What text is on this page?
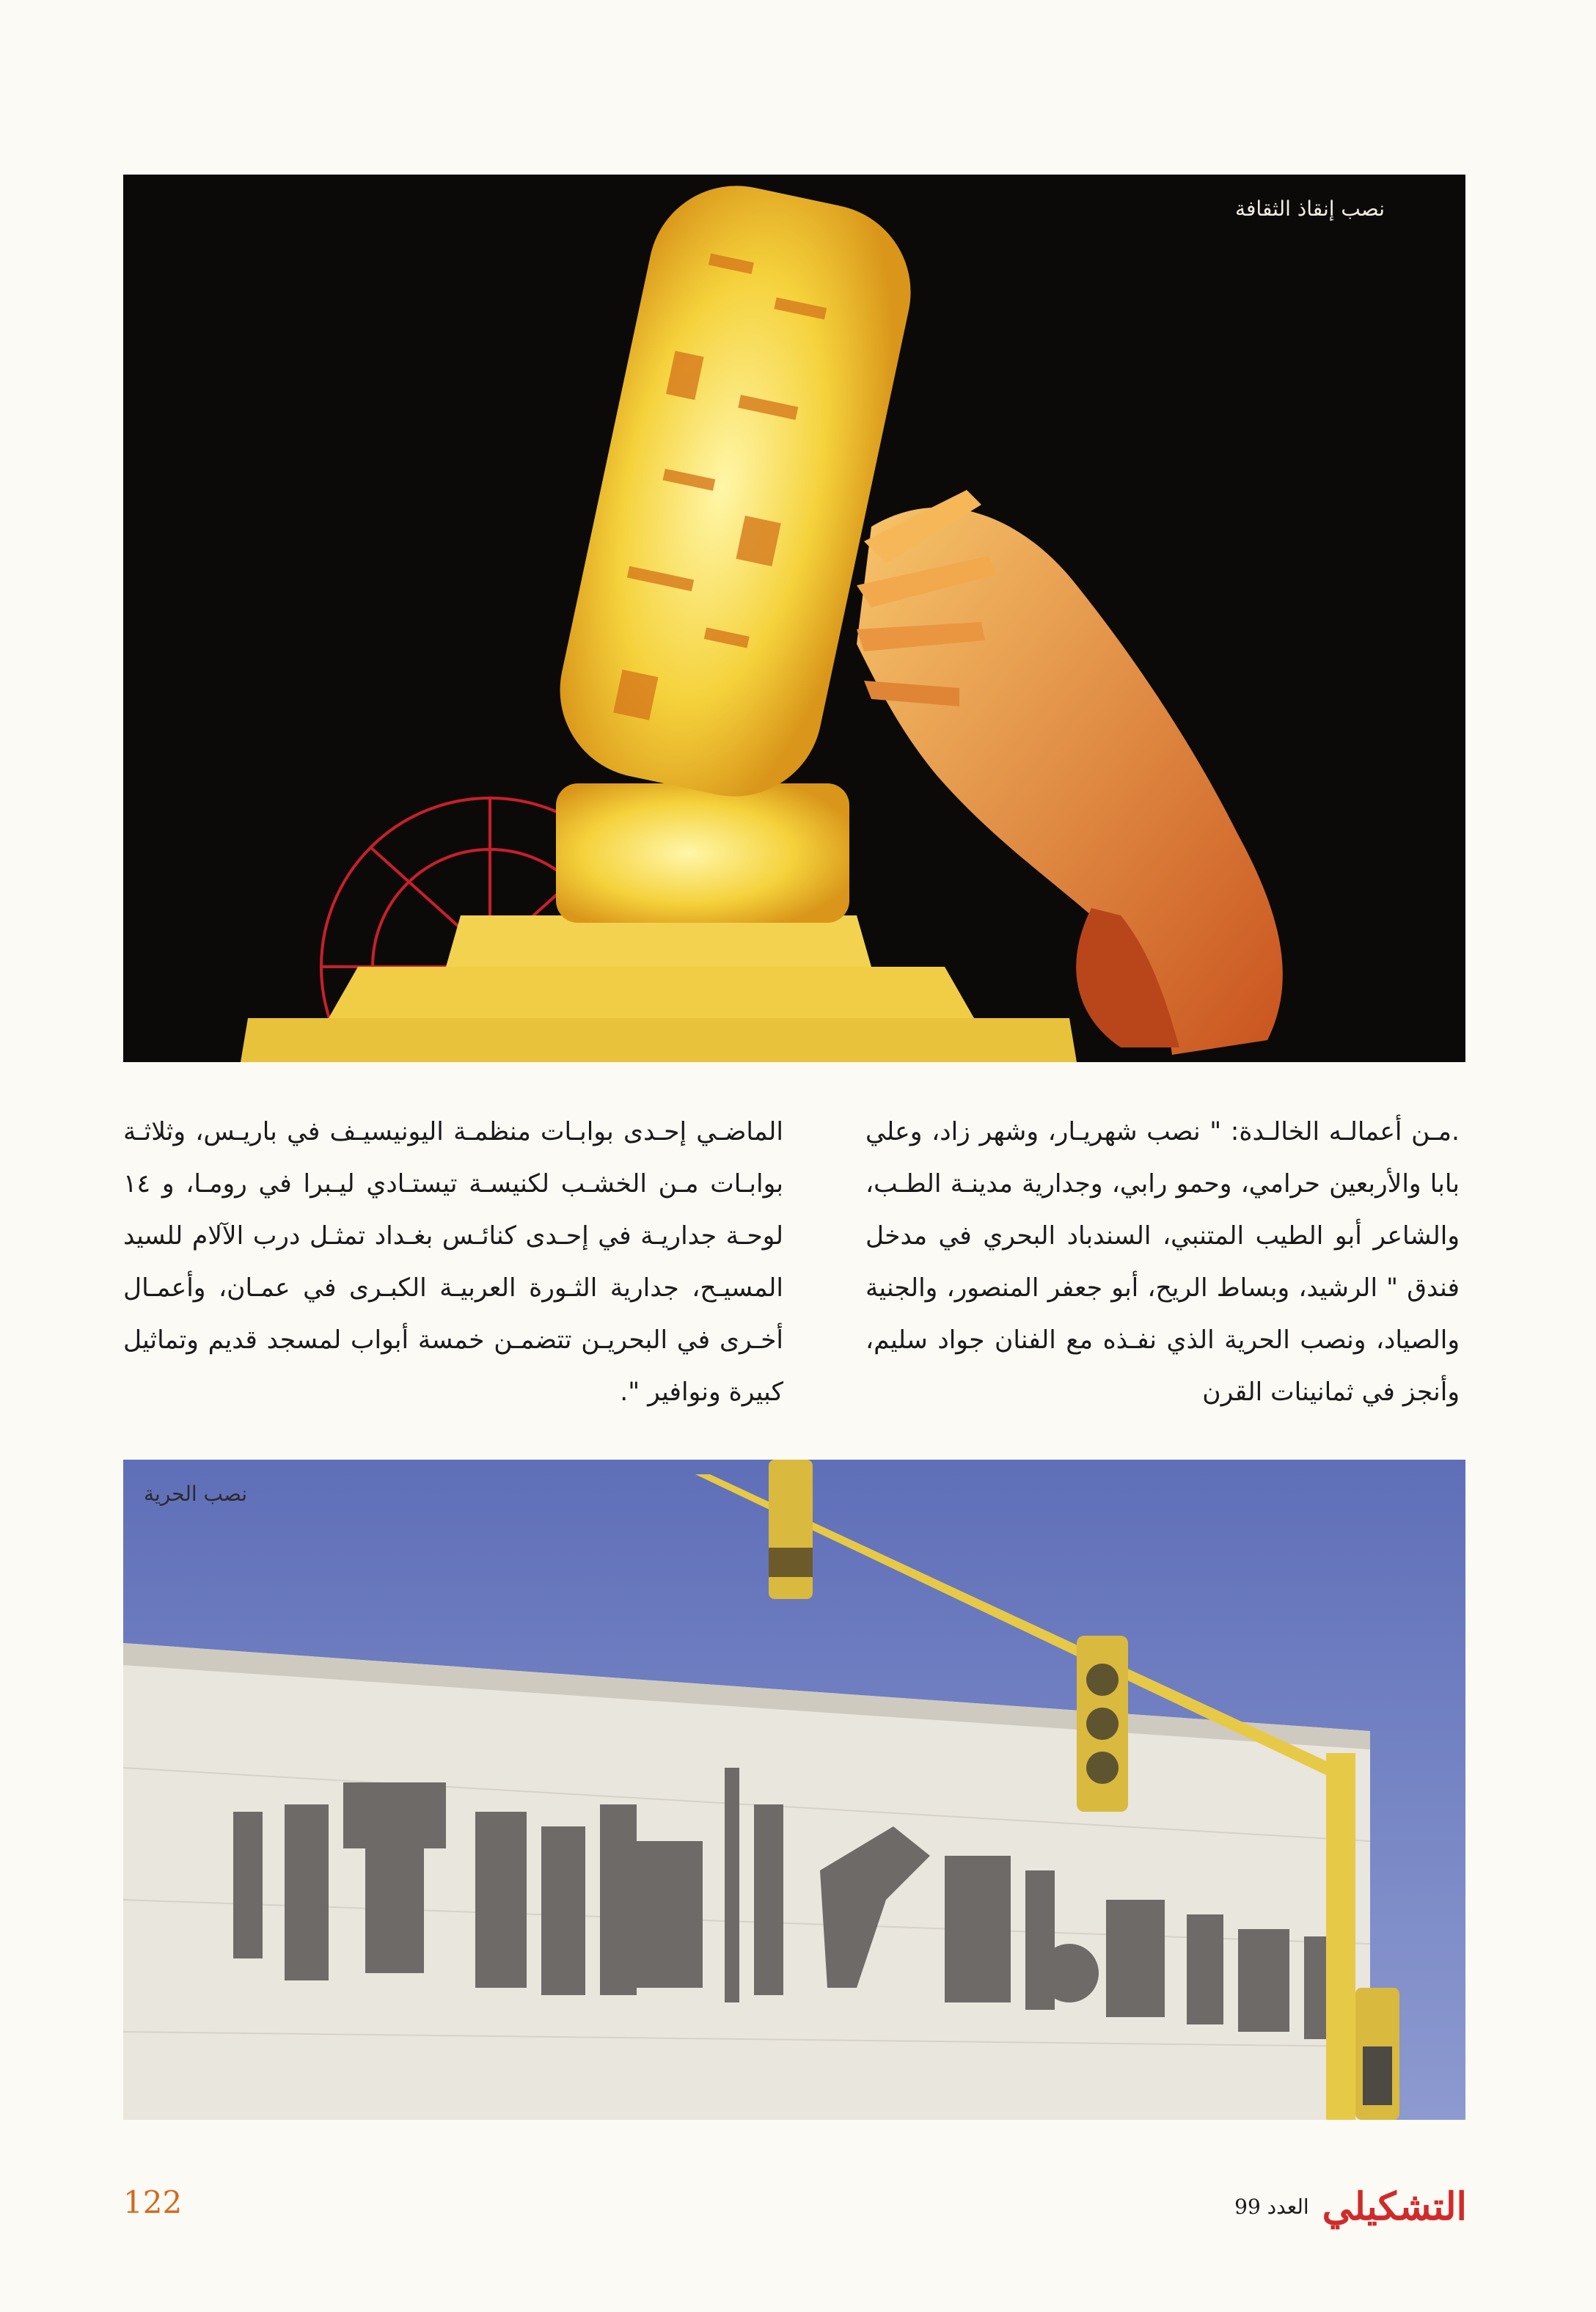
نصب إنقاذ الثقافة

.مـن أعمالـه الخالـدة: " نصب شهريـار، وشهر زاد، وعلي بابا والأربعين حرامي، وحمو رابي، وجدارية مدينـة الطـب، والشاعر أبو الطيب المتنبي، السندباد البحري في مدخل فندق " الرشيد، وبساط الريح، أبو جعفر المنصور، والجنية والصياد، ونصب الحرية الذي نفـذه مع الفنان جواد سليم، وأنجز في ثمانينات القرن

الماضـي إحـدى بوابـات منظمـة اليونيسيـف في باريـس، وثلاثـة بوابـات مـن الخشـب لكنيسـة تيستـادي ليـبرا في رومـا، و ١٤ لوحـة جداريـة في إحـدى كنائـس بغـداد تمثـل درب الآلام للسيد المسيـح، جدارية الثـورة العربيـة الكبـرى في عمـان، وأعمـال أخـرى في البحريـن تتضمـن خمسة أبواب لمسجد قديم وتماثيل كبيرة ونوافير ".

نصب الحرية
122	التشكيلي
العدد 99
